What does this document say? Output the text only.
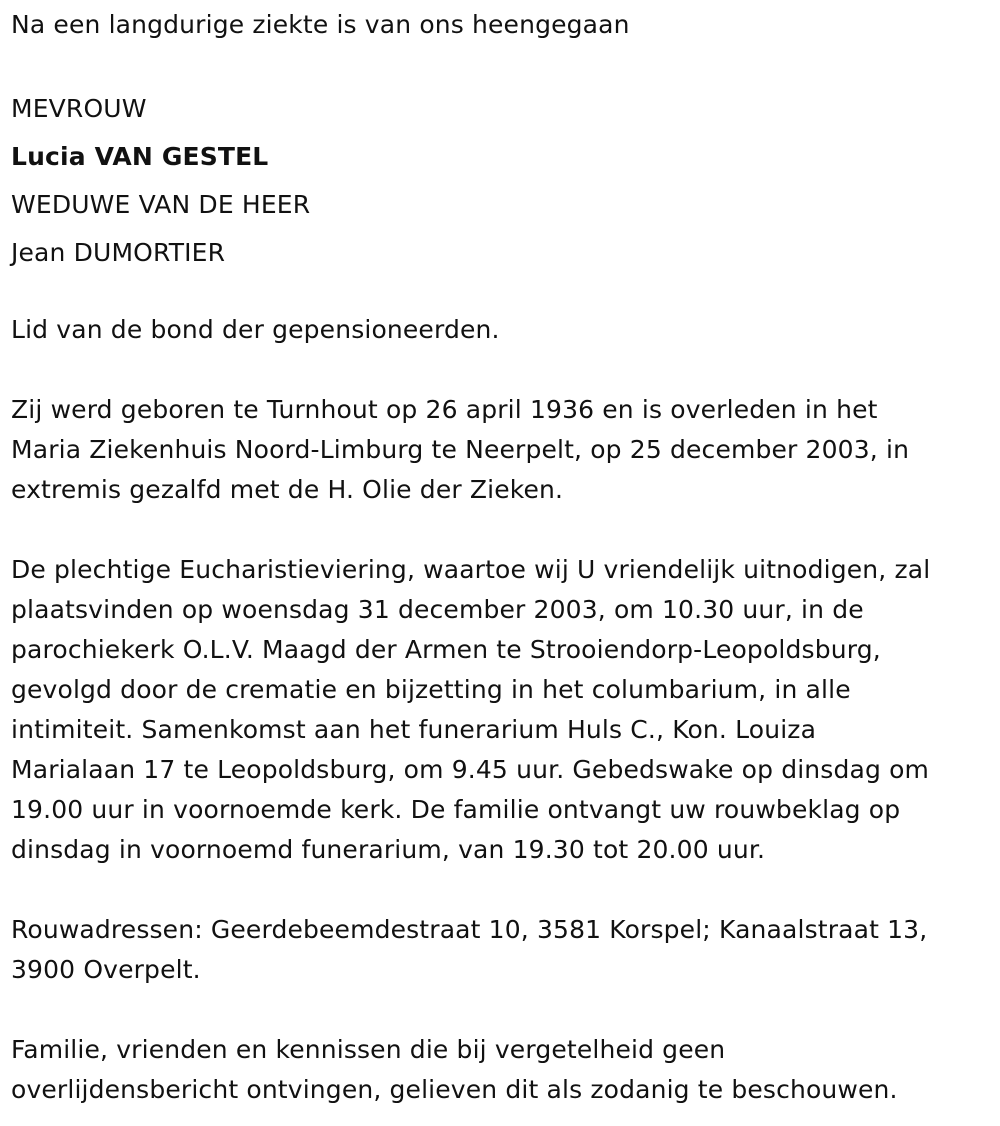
Na een langdurige ziekte is van ons heengegaan

MEVROUW

Lucia VAN GESTEL

WEDUWE VAN DE HEER

Jean DUMORTIER

Lid van de bond der gepensioneerden.

Zij werd geboren te Turnhout op 26 april 1936 en is overleden in het

Maria Ziekenhuis Noord-Limburg te Neerpelt, op 25 december 2003, in

extremis gezalfd met de H. Olie der Zieken.

De plechtige Eucharistieviering, waartoe wij U vriendelijk uitnodigen, zal

plaatsvinden op woensdag 31 december 2003, om 10.30 uur, in de

parochiekerk O.L.V. Maagd der Armen te Strooiendorp-Leopoldsburg,

gevolgd door de crematie en bijzetting in het columbarium, in alle

intimiteit. Samenkomst aan het funerarium Huls C., Kon. Louiza

Marialaan 17 te Leopoldsburg, om 9.45 uur. Gebedswake op dinsdag om

19.00 uur in voornoemde kerk. De familie ontvangt uw rouwbeklag op

dinsdag in voornoemd funerarium, van 19.30 tot 20.00 uur.

Rouwadressen: Geerdebeemdestraat 10, 3581 Korspel; Kanaalstraat 13,

3900 Overpelt.

Familie, vrienden en kennissen die bij vergetelheid geen

overlijdensbericht ontvingen, gelieven dit als zodanig te beschouwen.
